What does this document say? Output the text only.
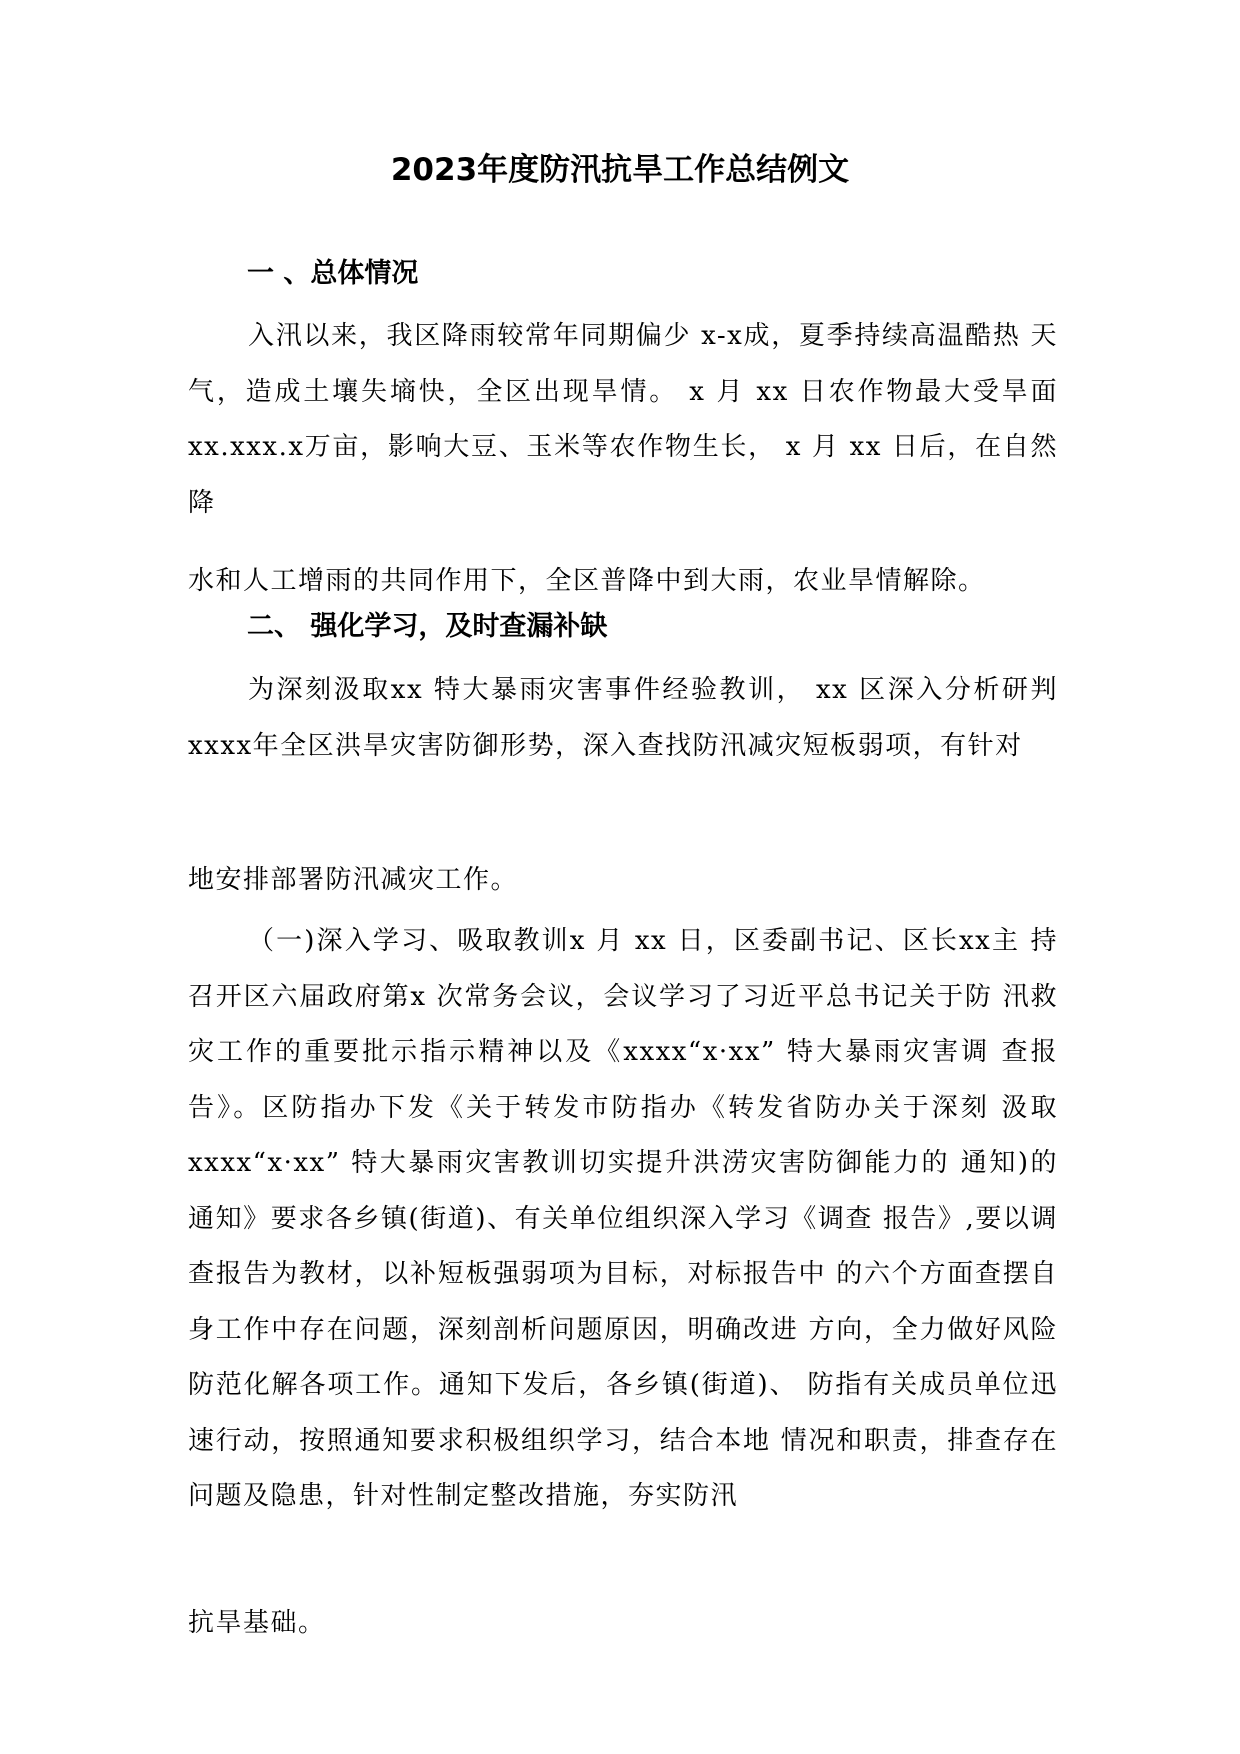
2023年度防汛抗旱工作总结例文
一 、总体情况

入汛以来，我区降雨较常年同期偏少 x-x成，夏季持续高温酷热 天气，造成土壤失墒快，全区出现旱情。 x 月 xx 日农作物最大受旱面 xx.xxx.x万亩，影响大豆、玉米等农作物生长， x 月 xx 日后，在自然降

水和人工增雨的共同作用下，全区普降中到大雨，农业旱情解除。

二、 强化学习，及时查漏补缺

为深刻汲取xx 特大暴雨灾害事件经验教训， xx 区深入分析研判 xxxx年全区洪旱灾害防御形势，深入查找防汛减灾短板弱项，有针对

地安排部署防汛减灾工作。

（一)深入学习、吸取教训x 月 xx 日，区委副书记、区长xx主 持召开区六届政府第x 次常务会议，会议学习了习近平总书记关于防 汛救灾工作的重要批示指示精神以及《xxxx“x·xx” 特大暴雨灾害调 查报告》。区防指办下发《关于转发市防指办《转发省防办关于深刻 汲取 xxxx“x·xx” 特大暴雨灾害教训切实提升洪涝灾害防御能力的 通知)的通知》要求各乡镇(街道)、有关单位组织深入学习《调查 报告》,要以调查报告为教材，以补短板强弱项为目标，对标报告中 的六个方面查摆自身工作中存在问题，深刻剖析问题原因，明确改进 方向，全力做好风险防范化解各项工作。通知下发后，各乡镇(街道)、 防指有关成员单位迅速行动，按照通知要求积极组织学习，结合本地 情况和职责，排查存在问题及隐患，针对性制定整改措施，夯实防汛

抗旱基础。
